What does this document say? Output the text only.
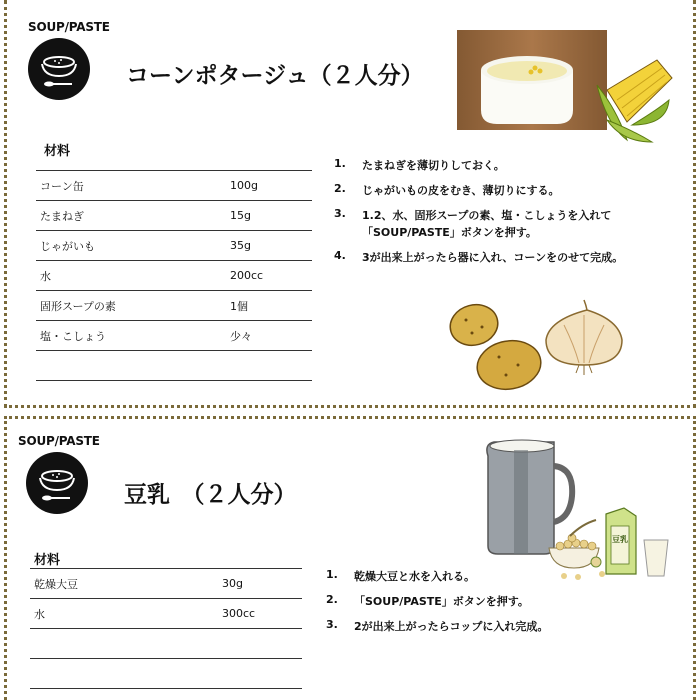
SOUP/PASTE
コーンポタージュ（２人分）
材料
コーン缶	100g
たまねぎ	15g
じゃがいも	35g
水	200cc
固形スープの素	1個
塩・こしょう	少々

1. たまねぎを薄切りしておく。
2. じゃがいもの皮をむき、薄切りにする。
3. 1.2、水、固形スープの素、塩・こしょうを入れて
「SOUP/PASTE」ボタンを押す。
4. 3が出来上がったら器に入れ、コーンをのせて完成。
SOUP/PASTE
豆乳　（２人分）
豆乳
材料
乾燥大豆	30g
水	300cc

1. 乾燥大豆と水を入れる。
2. 「SOUP/PASTE」ボタンを押す。
3. 2が出来上がったらコップに入れ完成。
